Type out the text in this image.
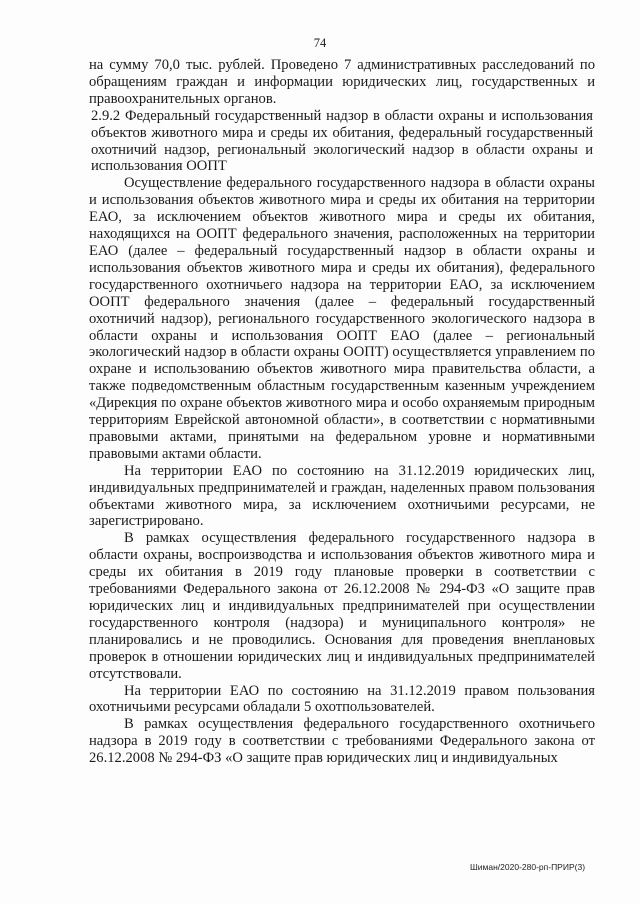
74

на сумму 70,0 тыс. рублей. Проведено 7 административных расследований по обращениям граждан и информации юридических лиц, государственных и правоохранительных органов.

2.9.2 Федеральный государственный надзор в области охраны и использования объектов животного мира и среды их обитания, федеральный государственный охотничий надзор, региональный экологический надзор в области охраны и использования ООПТ

Осуществление федерального государственного надзора в области охраны и использования объектов животного мира и среды их обитания на территории ЕАО, за исключением объектов животного мира и среды их обитания, находящихся на ООПТ федерального значения, расположенных на территории ЕАО (далее – федеральный государственный надзор в области охраны и использования объектов животного мира и среды их обитания), федерального государственного охотничьего надзора на территории ЕАО, за исключением ООПТ федерального значения (далее – федеральный государственный охотничий надзор), регионального государственного экологического надзора в области охраны и использования ООПТ ЕАО (далее – региональный экологический надзор в области охраны ООПТ) осуществляется управлением по охране и использованию объектов животного мира правительства области, а также подведомственным областным государственным казенным учреждением «Дирекция по охране объектов животного мира и особо охраняемым природным территориям Еврейской автономной области», в соответствии с нормативными правовыми актами, принятыми на федеральном уровне и нормативными правовыми актами области.

На территории ЕАО по состоянию на 31.12.2019 юридических лиц, индивидуальных предпринимателей и граждан, наделенных правом пользования объектами животного мира, за исключением охотничьими ресурсами, не зарегистрировано.

В рамках осуществления федерального государственного надзора в области охраны, воспроизводства и использования объектов животного мира и среды их обитания в 2019 году плановые проверки в соответствии с требованиями Федерального закона от 26.12.2008 № 294-ФЗ «О защите прав юридических лиц и индивидуальных предпринимателей при осуществлении государственного контроля (надзора) и муниципального контроля» не планировались и не проводились. Основания для проведения внеплановых проверок в отношении юридических лиц и индивидуальных предпринимателей отсутствовали.

На территории ЕАО по состоянию на 31.12.2019 правом пользования охотничьими ресурсами обладали 5 охотпользователей.

В рамках осуществления федерального государственного охотничьего надзора в 2019 году в соответствии с требованиями Федерального закона от 26.12.2008 № 294-ФЗ «О защите прав юридических лиц и индивидуальных

Шиман/2020-280-рп-ПРИР(3)
